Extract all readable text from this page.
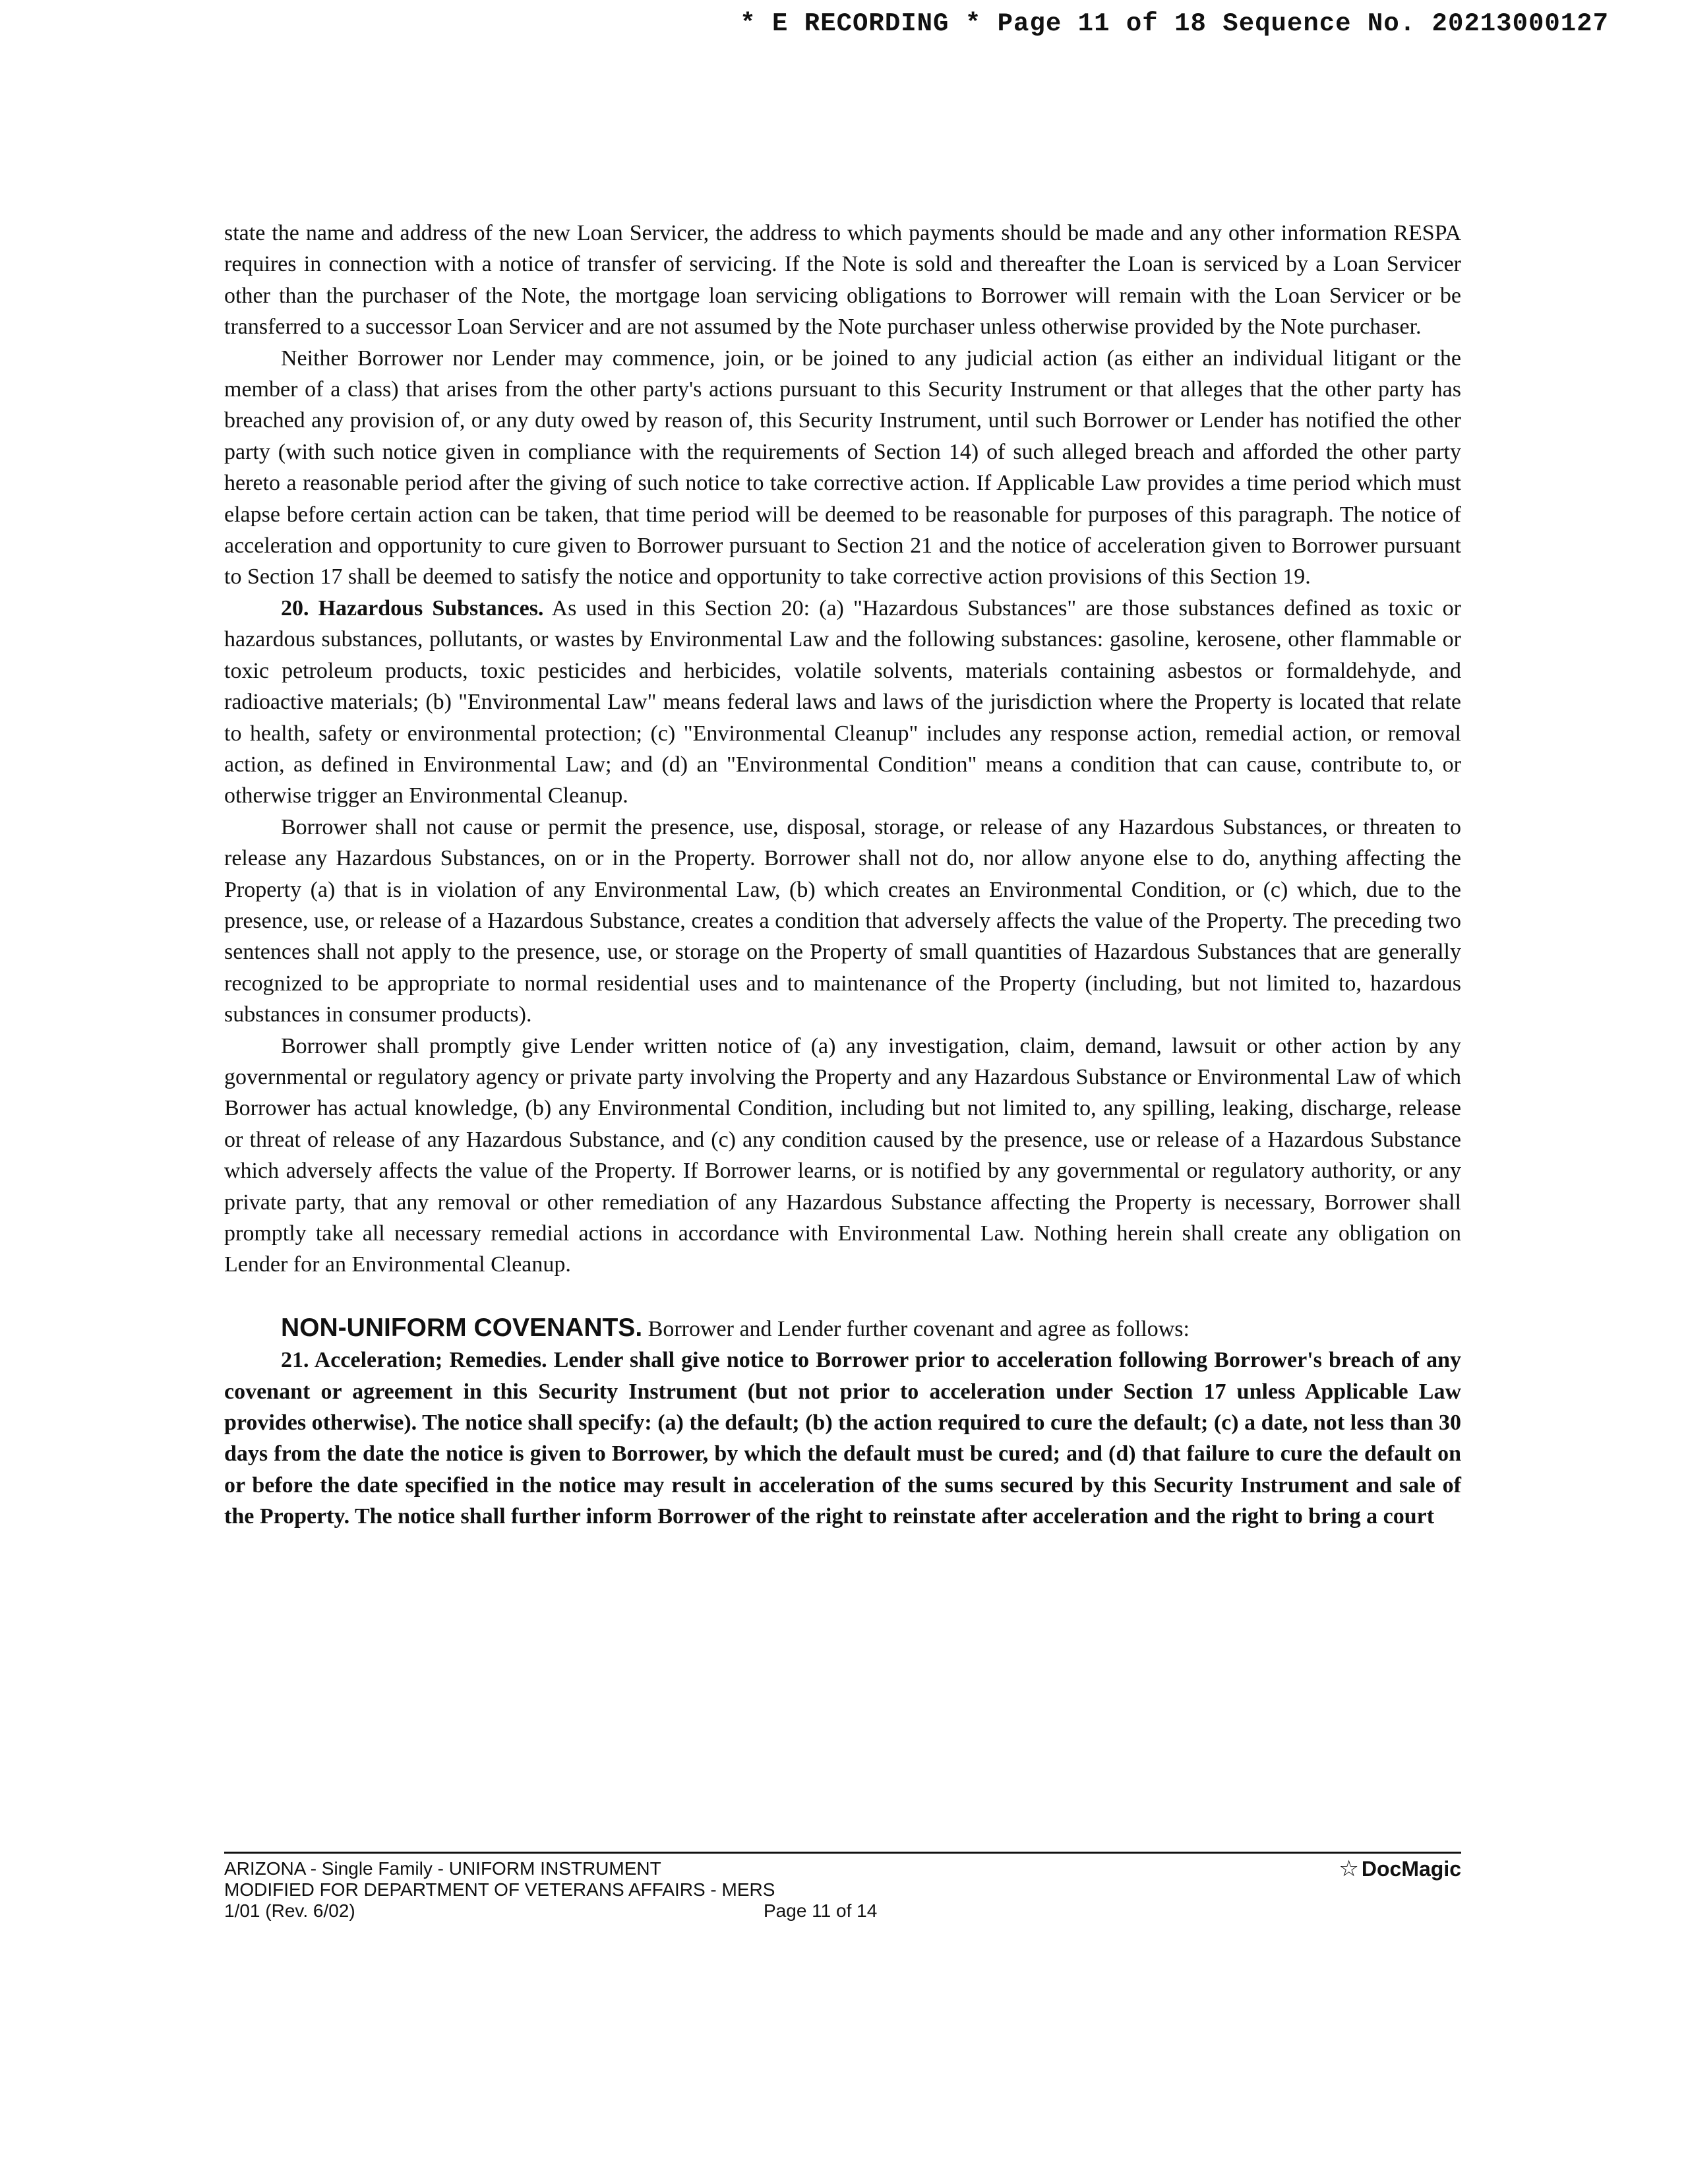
* E RECORDING * Page 11 of 18 Sequence No. 20213000127

state the name and address of the new Loan Servicer, the address to which payments should be made and any other information RESPA requires in connection with a notice of transfer of servicing. If the Note is sold and thereafter the Loan is serviced by a Loan Servicer other than the purchaser of the Note, the mortgage loan servicing obligations to Borrower will remain with the Loan Servicer or be transferred to a successor Loan Servicer and are not assumed by the Note purchaser unless otherwise provided by the Note purchaser.

Neither Borrower nor Lender may commence, join, or be joined to any judicial action (as either an individual litigant or the member of a class) that arises from the other party's actions pursuant to this Security Instrument or that alleges that the other party has breached any provision of, or any duty owed by reason of, this Security Instrument, until such Borrower or Lender has notified the other party (with such notice given in compliance with the requirements of Section 14) of such alleged breach and afforded the other party hereto a reasonable period after the giving of such notice to take corrective action. If Applicable Law provides a time period which must elapse before certain action can be taken, that time period will be deemed to be reasonable for purposes of this paragraph. The notice of acceleration and opportunity to cure given to Borrower pursuant to Section 21 and the notice of acceleration given to Borrower pursuant to Section 17 shall be deemed to satisfy the notice and opportunity to take corrective action provisions of this Section 19.

20. Hazardous Substances. As used in this Section 20: (a) "Hazardous Substances" are those substances defined as toxic or hazardous substances, pollutants, or wastes by Environmental Law and the following substances: gasoline, kerosene, other flammable or toxic petroleum products, toxic pesticides and herbicides, volatile solvents, materials containing asbestos or formaldehyde, and radioactive materials; (b) "Environmental Law" means federal laws and laws of the jurisdiction where the Property is located that relate to health, safety or environmental protection; (c) "Environmental Cleanup" includes any response action, remedial action, or removal action, as defined in Environmental Law; and (d) an "Environmental Condition" means a condition that can cause, contribute to, or otherwise trigger an Environmental Cleanup.

Borrower shall not cause or permit the presence, use, disposal, storage, or release of any Hazardous Substances, or threaten to release any Hazardous Substances, on or in the Property. Borrower shall not do, nor allow anyone else to do, anything affecting the Property (a) that is in violation of any Environmental Law, (b) which creates an Environmental Condition, or (c) which, due to the presence, use, or release of a Hazardous Substance, creates a condition that adversely affects the value of the Property. The preceding two sentences shall not apply to the presence, use, or storage on the Property of small quantities of Hazardous Substances that are generally recognized to be appropriate to normal residential uses and to maintenance of the Property (including, but not limited to, hazardous substances in consumer products).

Borrower shall promptly give Lender written notice of (a) any investigation, claim, demand, lawsuit or other action by any governmental or regulatory agency or private party involving the Property and any Hazardous Substance or Environmental Law of which Borrower has actual knowledge, (b) any Environmental Condition, including but not limited to, any spilling, leaking, discharge, release or threat of release of any Hazardous Substance, and (c) any condition caused by the presence, use or release of a Hazardous Substance which adversely affects the value of the Property. If Borrower learns, or is notified by any governmental or regulatory authority, or any private party, that any removal or other remediation of any Hazardous Substance affecting the Property is necessary, Borrower shall promptly take all necessary remedial actions in accordance with Environmental Law. Nothing herein shall create any obligation on Lender for an Environmental Cleanup.

NON-UNIFORM COVENANTS. Borrower and Lender further covenant and agree as follows:

21. Acceleration; Remedies. Lender shall give notice to Borrower prior to acceleration following Borrower's breach of any covenant or agreement in this Security Instrument (but not prior to acceleration under Section 17 unless Applicable Law provides otherwise). The notice shall specify: (a) the default; (b) the action required to cure the default; (c) a date, not less than 30 days from the date the notice is given to Borrower, by which the default must be cured; and (d) that failure to cure the default on or before the date specified in the notice may result in acceleration of the sums secured by this Security Instrument and sale of the Property. The notice shall further inform Borrower of the right to reinstate after acceleration and the right to bring a court

ARIZONA - Single Family - UNIFORM INSTRUMENT
MODIFIED FOR DEPARTMENT OF VETERANS AFFAIRS - MERS
1/01 (Rev. 6/02)	Page 11 of 14
☆ DocMagic
